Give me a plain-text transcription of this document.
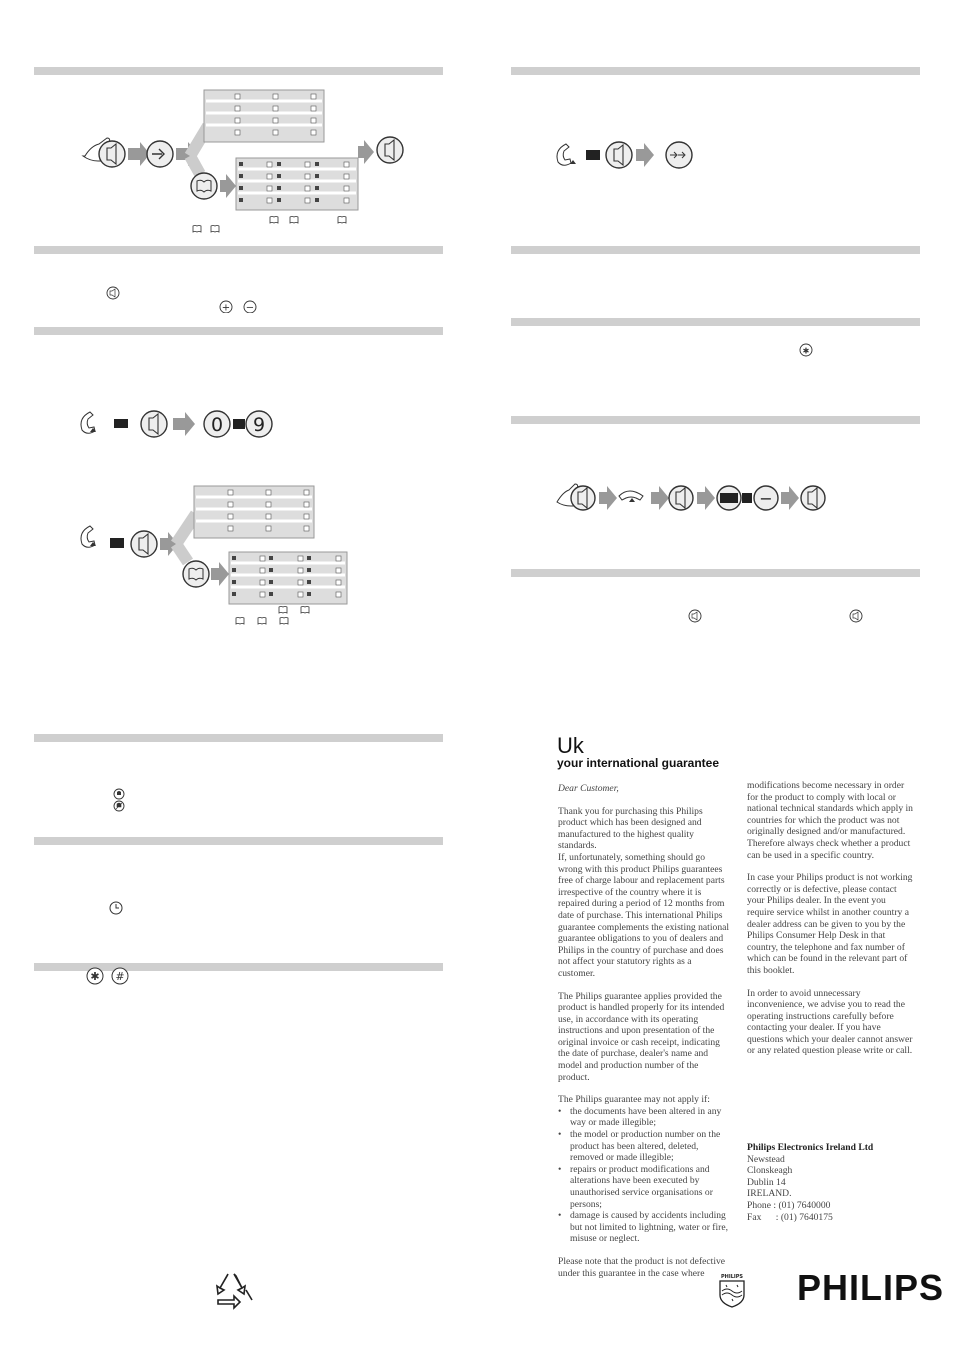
+ −
0 9
✱ #
✱
−
Uk
your international guarantee

Dear Customer,

Thank you for purchasing this Philips product which has been designed and manufactured to the highest quality standards.

If, unfortunately, something should go wrong with this product Philips guarantees free of charge labour and replacement parts irrespective of the country where it is repaired during a period of 12 months from date of purchase. This international Philips guarantee complements the existing national guarantee obligations to you of dealers and Philips in the country of purchase and does not affect your statutory rights as a customer.

The Philips guarantee applies provided the product is handled properly for its intended use, in accordance with its operating instructions and upon presentation of the original invoice or cash receipt, indicating the date of purchase, dealer's name and model and production number of the product.

The Philips guarantee may not apply if:

• the documents have been altered in any way or made illegible;
• the model or production number on the product has been altered, deleted, removed or made illegible;
• repairs or product modifications and alterations have been executed by unauthorised service organisations or persons;
• damage is caused by accidents including but not limited to lightning, water or fire, misuse or neglect.

Please note that the product is not defective under this guarantee in the case where

modifications become necessary in order for the product to comply with local or national technical standards which apply in countries for which the product was not originally designed and/or manufactured. Therefore always check whether a product can be used in a specific country.

In case your Philips product is not working correctly or is defective, please contact your Philips dealer. In the event you require service whilst in another country a dealer address can be given to you by the Philips Consumer Help Desk in that country, the telephone and fax number of which can be found in the relevant part of this booklet.

In order to avoid unnecessary inconvenience, we advise you to read the operating instructions carefully before contacting your dealer. If you have questions which your dealer cannot answer or any related question please write or call.

Philips Electronics Ireland Ltd

Newstead

Clonskeagh

Dublin 14

IRELAND.

Phone : (01) 7640000

Fax      : (01) 7640175

PHILIPS PHILIPS
